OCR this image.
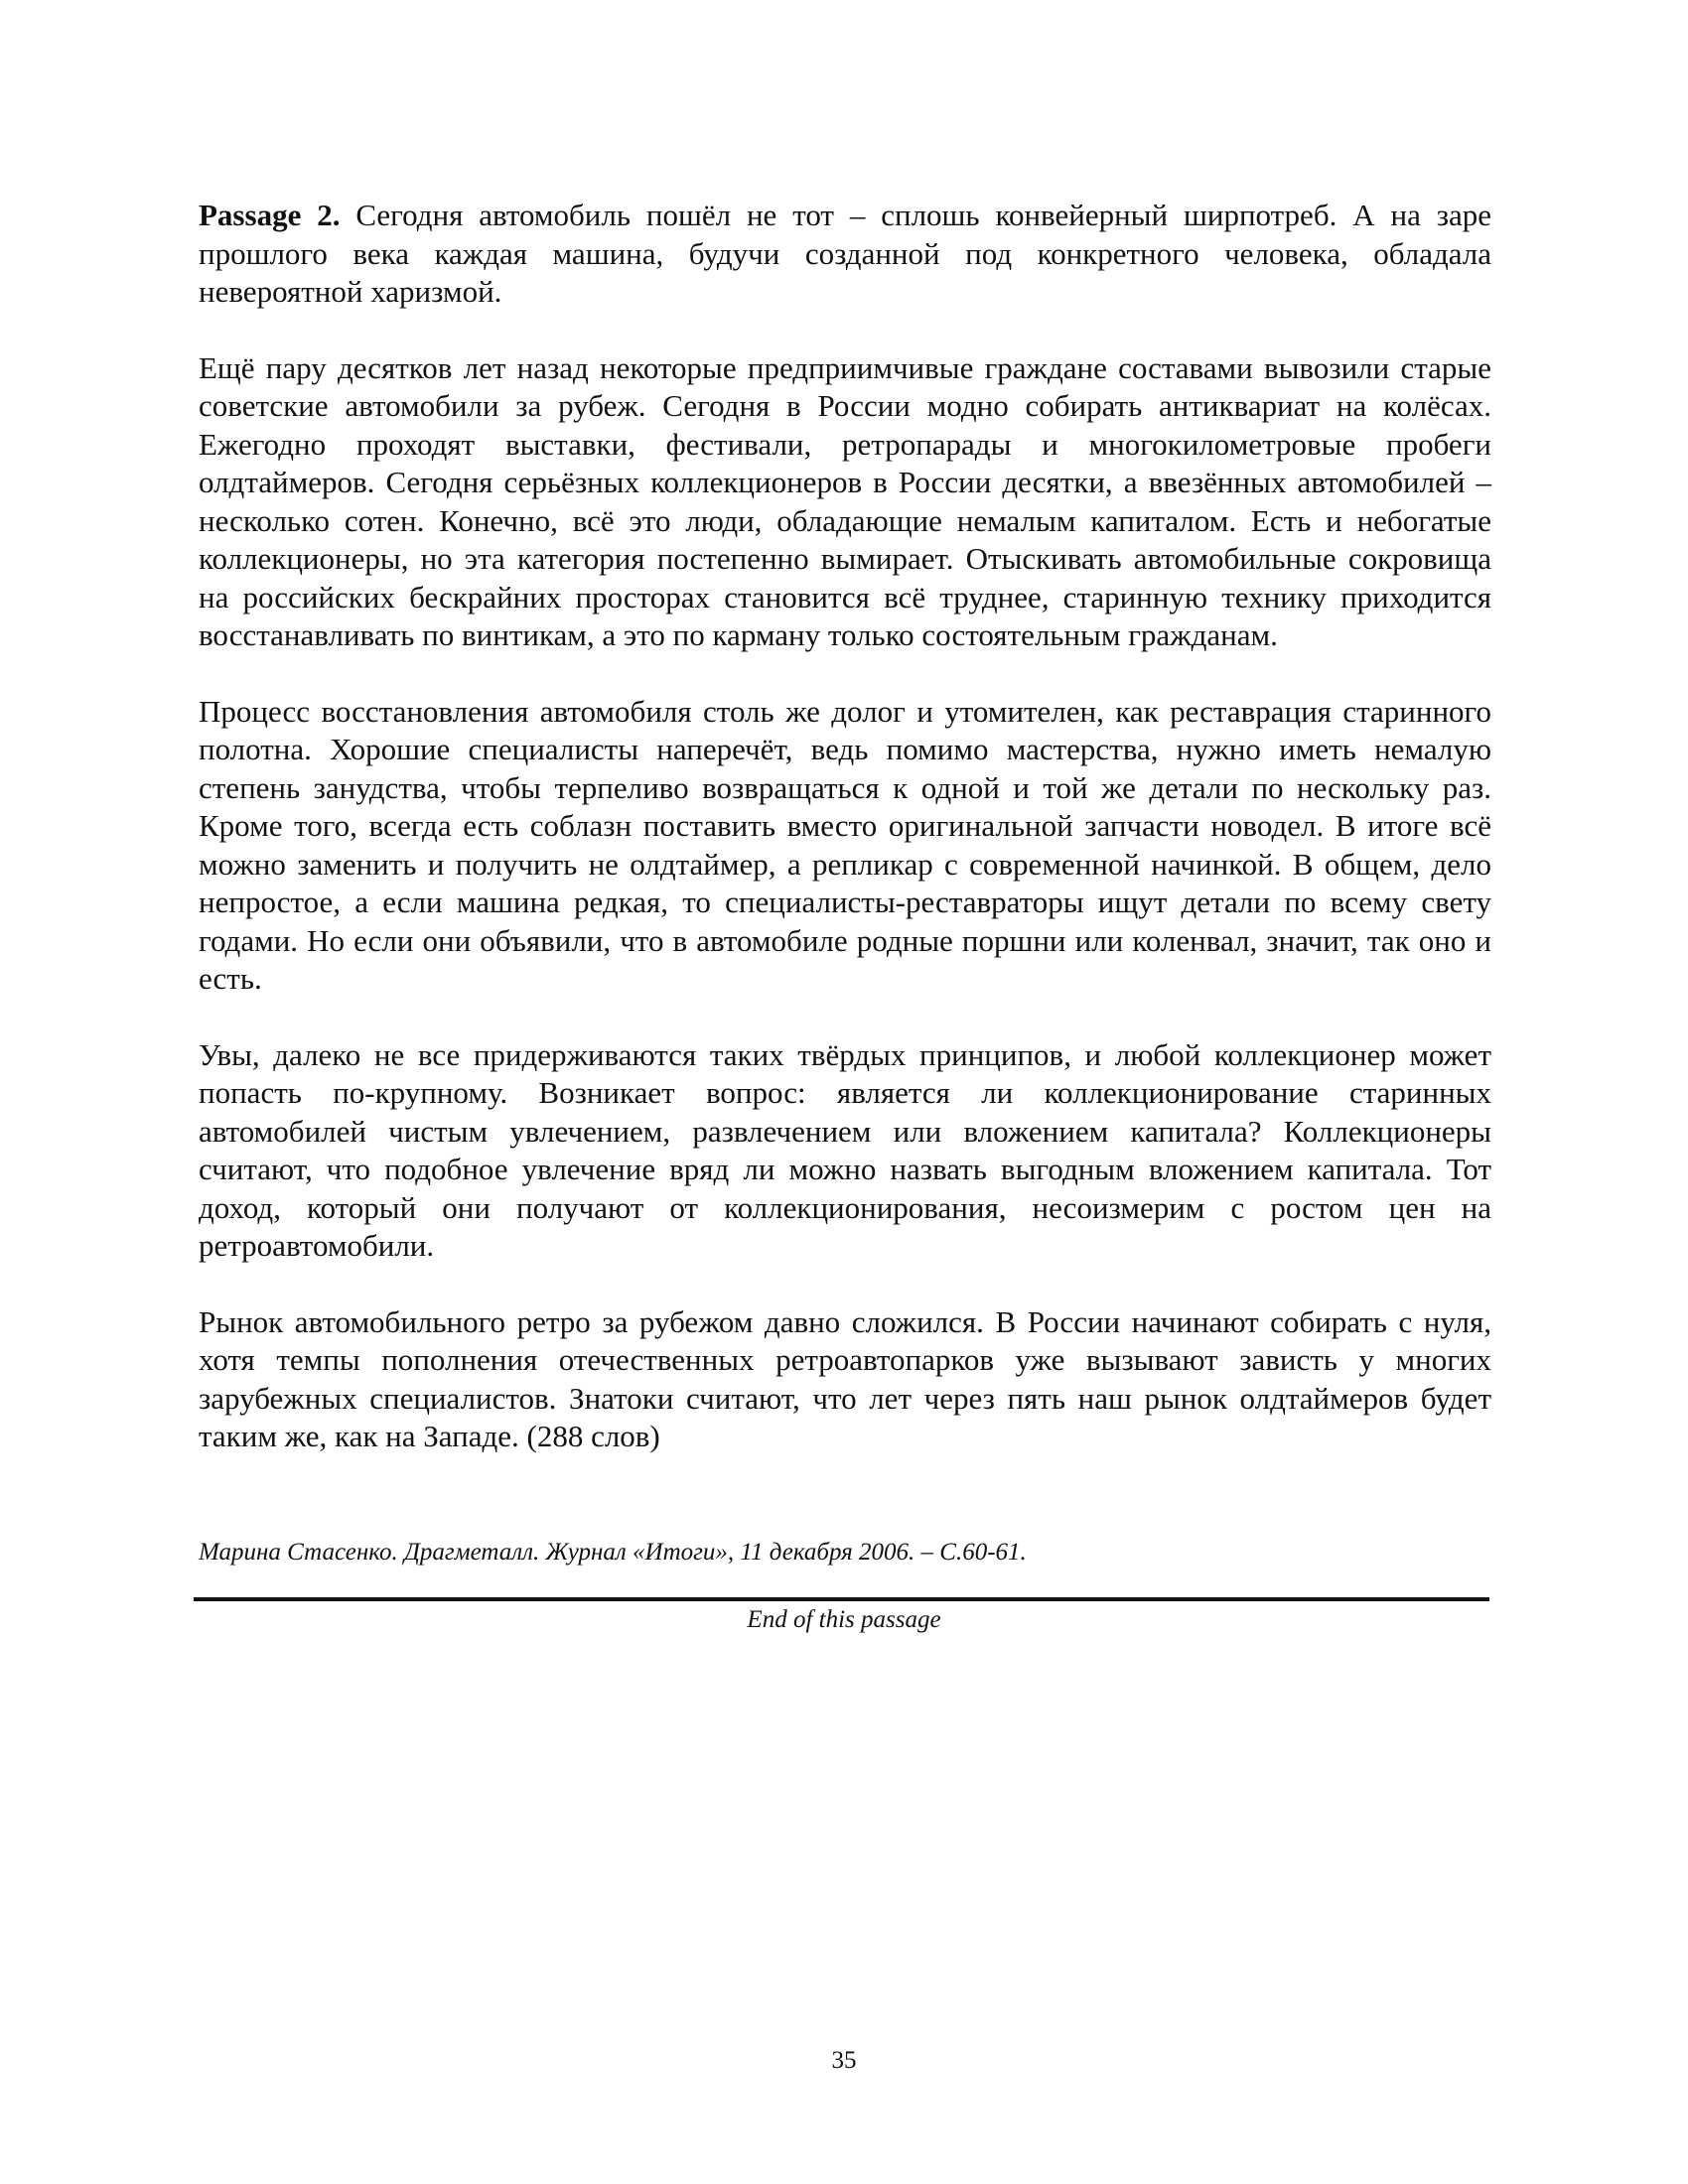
Passage 2. Сегодня автомобиль пошёл не тот – сплошь конвейерный ширпотреб. А на заре прошлого века каждая машина, будучи созданной под конкретного человека, обладала невероятной харизмой.

Ещё пару десятков лет назад некоторые предприимчивые граждане составами вывозили старые советские автомобили за рубеж. Сегодня в России модно собирать антиквариат на колёсах. Ежегодно проходят выставки, фестивали, ретропарады и многокилометровые пробеги олдтаймеров. Сегодня серьёзных коллекционеров в России десятки, а ввезённых автомобилей – несколько сотен. Конечно, всё это люди, обладающие немалым капиталом. Есть и небогатые коллекционеры, но эта категория постепенно вымирает. Отыскивать автомобильные сокровища на российских бескрайних просторах становится всё труднее, старинную технику приходится восстанавливать по винтикам, а это по карману только состоятельным гражданам.

Процесс восстановления автомобиля столь же долог и утомителен, как реставрация старинного полотна. Хорошие специалисты наперечёт, ведь помимо мастерства, нужно иметь немалую степень занудства, чтобы терпеливо возвращаться к одной и той же детали по нескольку раз. Кроме того, всегда есть соблазн поставить вместо оригинальной запчасти новодел. В итоге всё можно заменить и получить не олдтаймер, а репликар с современной начинкой. В общем, дело непростое, а если машина редкая, то специалисты-реставраторы ищут детали по всему свету годами. Но если они объявили, что в автомобиле родные поршни или коленвал, значит, так оно и есть.

Увы, далеко не все придерживаются таких твёрдых принципов, и любой коллекционер может попасть по-крупному. Возникает вопрос: является ли коллекционирование старинных автомобилей чистым увлечением, развлечением или вложением капитала? Коллекционеры считают, что подобное увлечение вряд ли можно назвать выгодным вложением капитала. Тот доход, который они получают от коллекционирования, несоизмерим с ростом цен на ретроавтомобили.

Рынок автомобильного ретро за рубежом давно сложился. В России начинают собирать с нуля, хотя темпы пополнения отечественных ретроавтопарков уже вызывают зависть у многих зарубежных специалистов. Знатоки считают, что лет через пять наш рынок олдтаймеров будет таким же, как на Западе. (288 слов)

Марина Стасенко. Драгметалл. Журнал «Итоги», 11 декабря 2006. – С.60-61.

End of this passage
35
